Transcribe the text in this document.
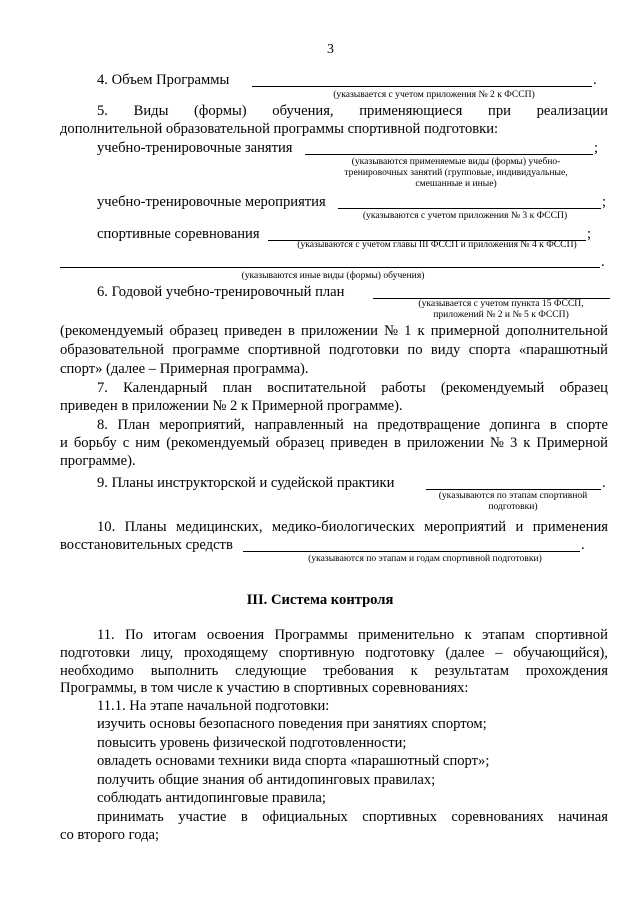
3
4. Объем Программы	.
(указывается с учетом приложения № 2 к ФССП)
5. Виды (формы) обучения, применяющиеся при реализации
дополнительной образовательной программы спортивной подготовки:
учебно-тренировочные занятия	;
(указываются применяемые виды (формы) учебно-
тренировочных занятий (групповые, индивидуальные,
смешанные и иные)
учебно-тренировочные мероприятия	;
(указываются с учетом приложения № 3 к ФССП)
спортивные соревнования	;
(указываются с учетом главы III ФССП и приложения № 4 к ФССП)
.
(указываются иные виды (формы) обучения)
6. Годовой учебно-тренировочный план
(указывается с учетом пункта 15 ФССП,
приложений № 2 и № 5 к ФССП)
(рекомендуемый образец приведен в приложении № 1 к примерной дополнительной
образовательной программе спортивной подготовки по виду спорта «парашютный
спорт» (далее – Примерная программа).
7. Календарный план воспитательной работы (рекомендуемый образец
приведен в приложении № 2 к Примерной программе).
8. План мероприятий, направленный на предотвращение допинга в спорте
и борьбу с ним (рекомендуемый образец приведен в приложении № 3 к Примерной
программе).
9. Планы инструкторской и судейской практики	.
(указываются по этапам спортивной
подготовки)
10. Планы медицинских, медико-биологических мероприятий и применения
восстановительных средств	.
(указываются по этапам и годам спортивной подготовки)
III. Система контроля
11. По итогам освоения Программы применительно к этапам спортивной
подготовки лицу, проходящему спортивную подготовку (далее – обучающийся),
необходимо выполнить следующие требования к результатам прохождения
Программы, в том числе к участию в спортивных соревнованиях:
11.1. На этапе начальной подготовки:
изучить основы безопасного поведения при занятиях спортом;
повысить уровень физической подготовленности;
овладеть основами техники вида спорта «парашютный спорт»;
получить общие знания об антидопинговых правилах;
соблюдать антидопинговые правила;
принимать участие в официальных спортивных соревнованиях начиная
со второго года;
